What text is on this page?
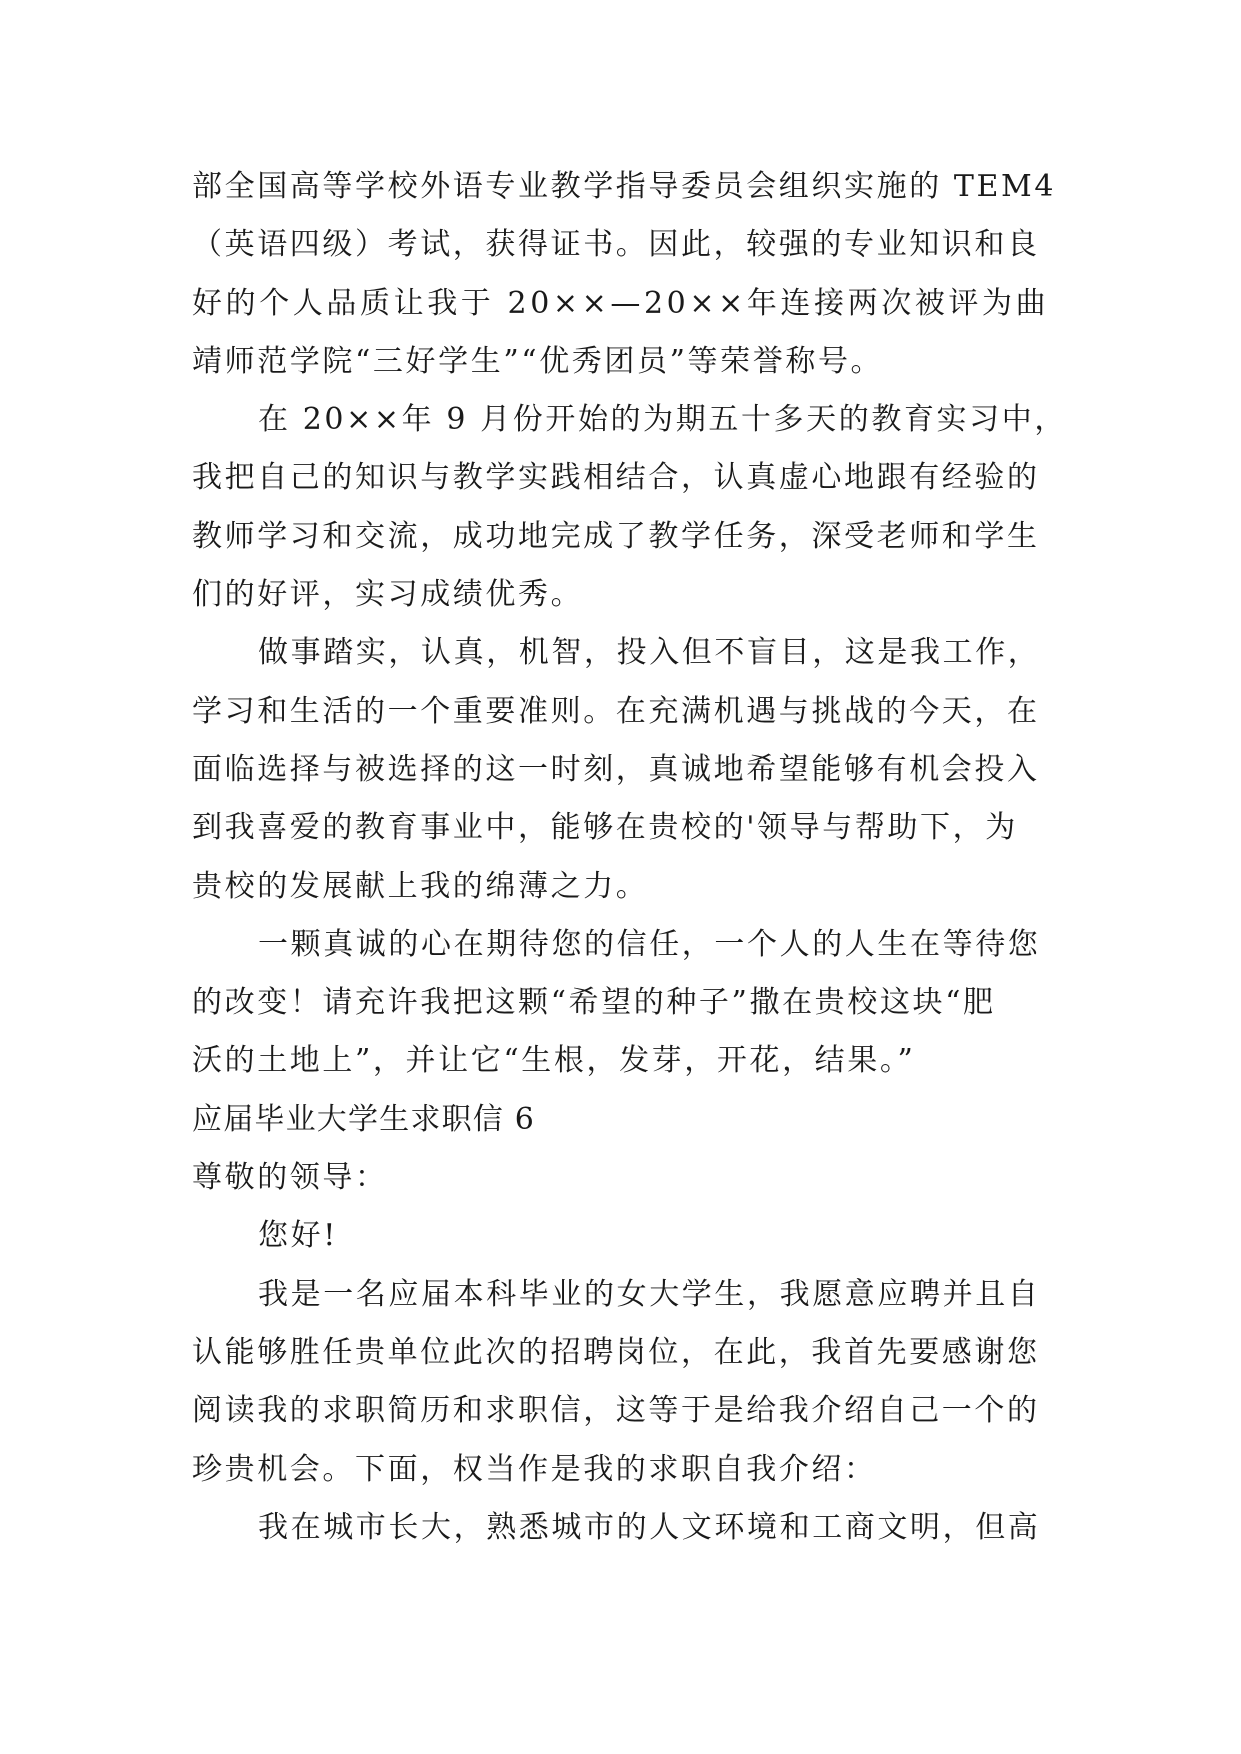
部全国高等学校外语专业教学指导委员会组织实施的 TEM4
（英语四级）考试，获得证书。因此，较强的专业知识和良
好的个人品质让我于 20××—20××年连接两次被评为曲
靖师范学院“三好学生”“优秀团员”等荣誉称号。
在 20××年 9 月份开始的为期五十多天的教育实习中，
我把自己的知识与教学实践相结合，认真虚心地跟有经验的
教师学习和交流，成功地完成了教学任务，深受老师和学生
们的好评，实习成绩优秀。
做事踏实，认真，机智，投入但不盲目，这是我工作，
学习和生活的一个重要准则。在充满机遇与挑战的今天，在
面临选择与被选择的这一时刻，真诚地希望能够有机会投入
到我喜爱的教育事业中，能够在贵校的'领导与帮助下，为
贵校的发展献上我的绵薄之力。
一颗真诚的心在期待您的信任，一个人的人生在等待您
的改变！请充许我把这颗“希望的种子”撒在贵校这块“肥
沃的土地上”，并让它“生根，发芽，开花，结果。”
应届毕业大学生求职信 6
尊敬的领导：
您好!
我是一名应届本科毕业的女大学生，我愿意应聘并且自
认能够胜任贵单位此次的招聘岗位，在此，我首先要感谢您
阅读我的求职简历和求职信，这等于是给我介绍自己一个的
珍贵机会。下面，权当作是我的求职自我介绍：
我在城市长大，熟悉城市的人文环境和工商文明，但高
